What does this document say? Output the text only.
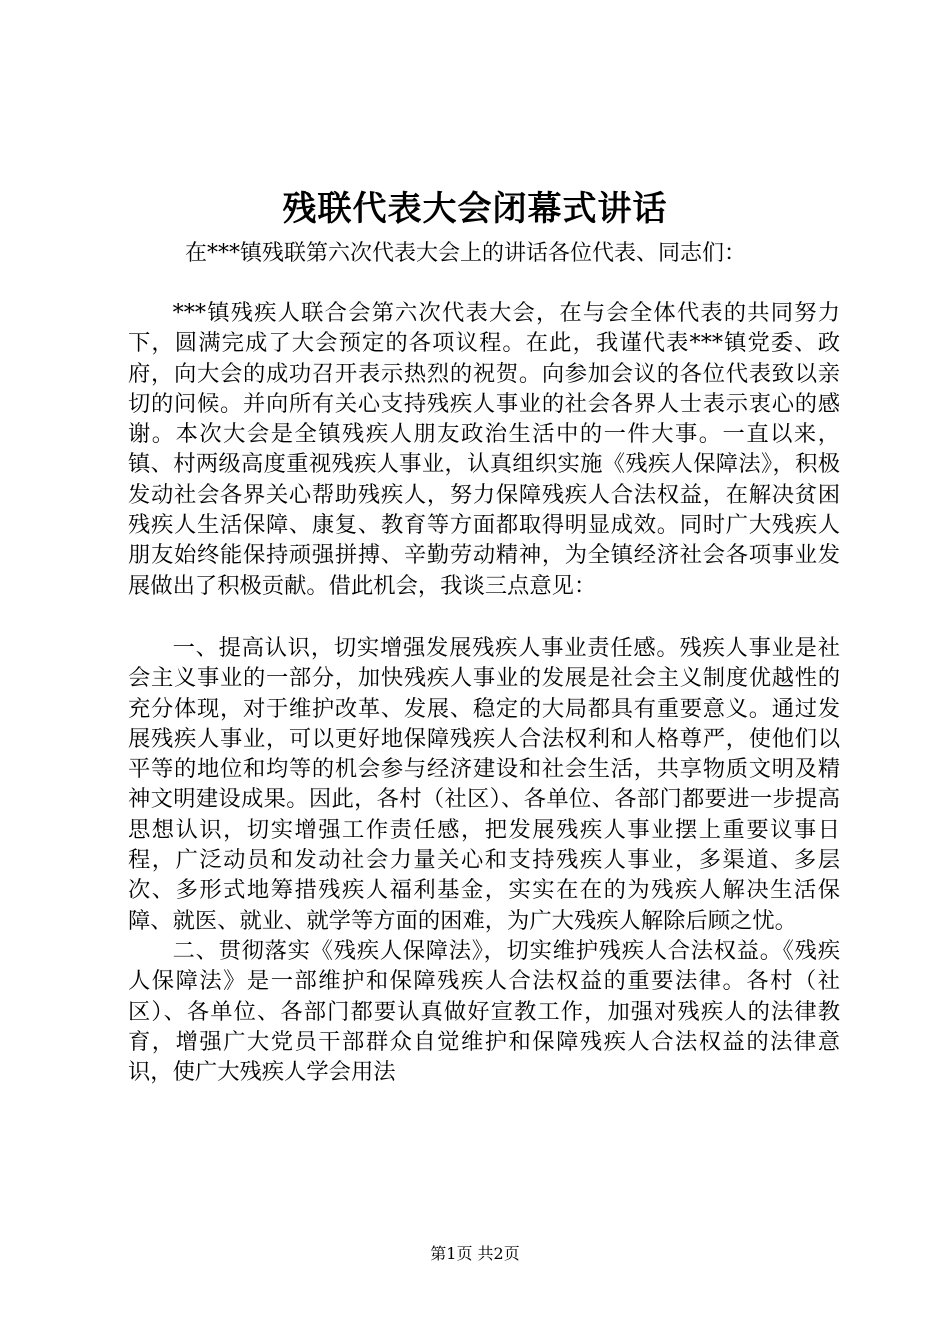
残联代表大会闭幕式讲话
在***镇残联第六次代表大会上的讲话各位代表、同志们：

***镇残疾人联合会第六次代表大会，在与会全体代表的共同努力下，圆满完成了大会预定的各项议程。在此，我谨代表***镇党委、政府，向大会的成功召开表示热烈的祝贺。向参加会议的各位代表致以亲切的问候。并向所有关心支持残疾人事业的社会各界人士表示衷心的感谢。本次大会是全镇残疾人朋友政治生活中的一件大事。一直以来，镇、村两级高度重视残疾人事业，认真组织实施《残疾人保障法》，积极发动社会各界关心帮助残疾人，努力保障残疾人合法权益，在解决贫困残疾人生活保障、康复、教育等方面都取得明显成效。同时广大残疾人朋友始终能保持顽强拼搏、辛勤劳动精神，为全镇经济社会各项事业发展做出了积极贡献。借此机会，我谈三点意见：

一、提高认识，切实增强发展残疾人事业责任感。残疾人事业是社会主义事业的一部分，加快残疾人事业的发展是社会主义制度优越性的充分体现，对于维护改革、发展、稳定的大局都具有重要意义。通过发展残疾人事业，可以更好地保障残疾人合法权利和人格尊严，使他们以平等的地位和均等的机会参与经济建设和社会生活，共享物质文明及精神文明建设成果。因此，各村（社区）、各单位、各部门都要进一步提高思想认识，切实增强工作责任感，把发展残疾人事业摆上重要议事日程，广泛动员和发动社会力量关心和支持残疾人事业，多渠道、多层次、多形式地筹措残疾人福利基金，实实在在的为残疾人解决生活保障、就医、就业、就学等方面的困难，为广大残疾人解除后顾之忧。

二、贯彻落实《残疾人保障法》，切实维护残疾人合法权益。《残疾人保障法》是一部维护和保障残疾人合法权益的重要法律。各村（社区）、各单位、各部门都要认真做好宣教工作，加强对残疾人的法律教育，增强广大党员干部群众自觉维护和保障残疾人合法权益的法律意识，使广大残疾人学会用法

第1页 共2页
